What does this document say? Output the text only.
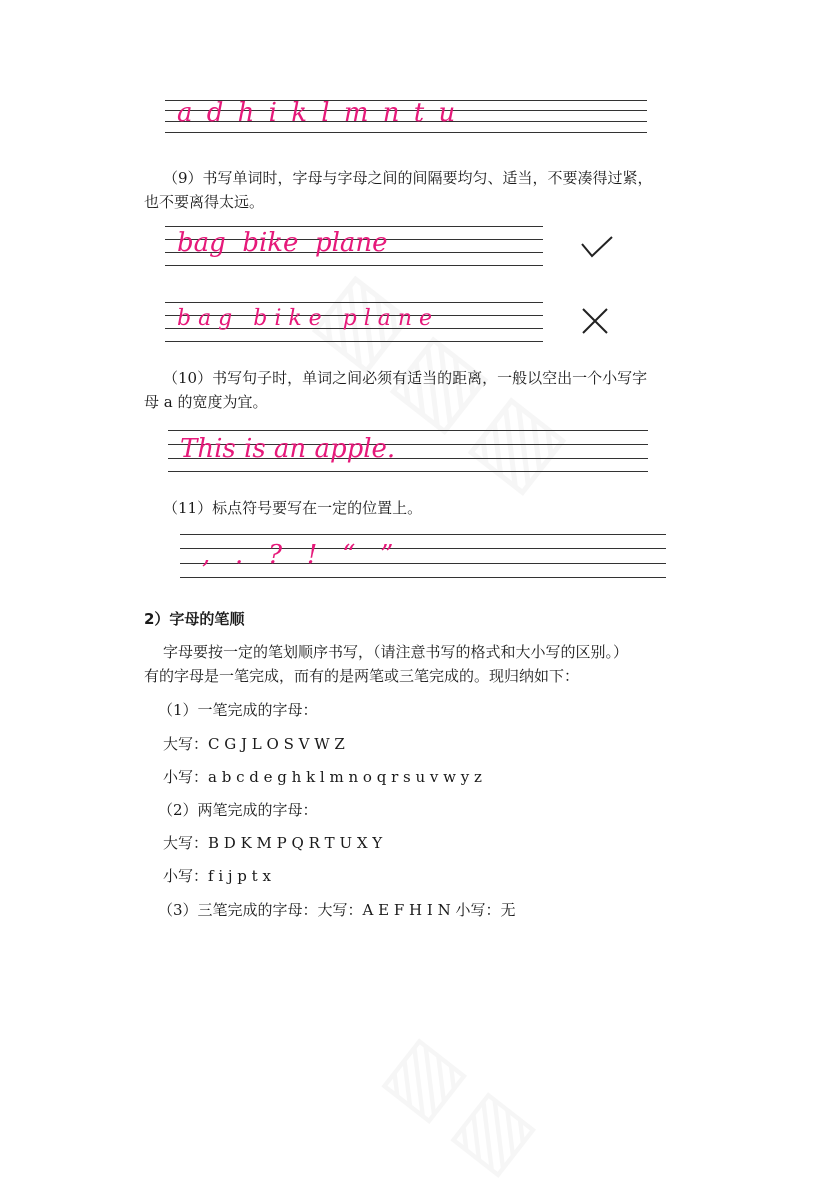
a d h i k l m n t u
（9）书写单词时，字母与字母之间的间隔要均匀、适当，不要凑得过紧，
也不要离得太远。
bag  bike  plane
b a g   b i k e   p l a n e
（10）书写句子时，单词之间必须有适当的距离，一般以空出一个小写字
母 a 的宽度为宜。
This is an apple.
（11）标点符号要写在一定的位置上。
,   .   ?   !   “   ”
2）字母的笔顺
字母要按一定的笔划顺序书写，（请注意书写的格式和大小写的区别。）
有的字母是一笔完成，而有的是两笔或三笔完成的。现归纳如下：
（1）一笔完成的字母：
大写：C G J L O S V W Z
小写：a b c d e g h k l m n o q r s u v w y z
（2）两笔完成的字母：
大写：B D K M P Q R T U X Y
小写：f i j p t x
（3）三笔完成的字母：大写：A E F H I N 小写：无
